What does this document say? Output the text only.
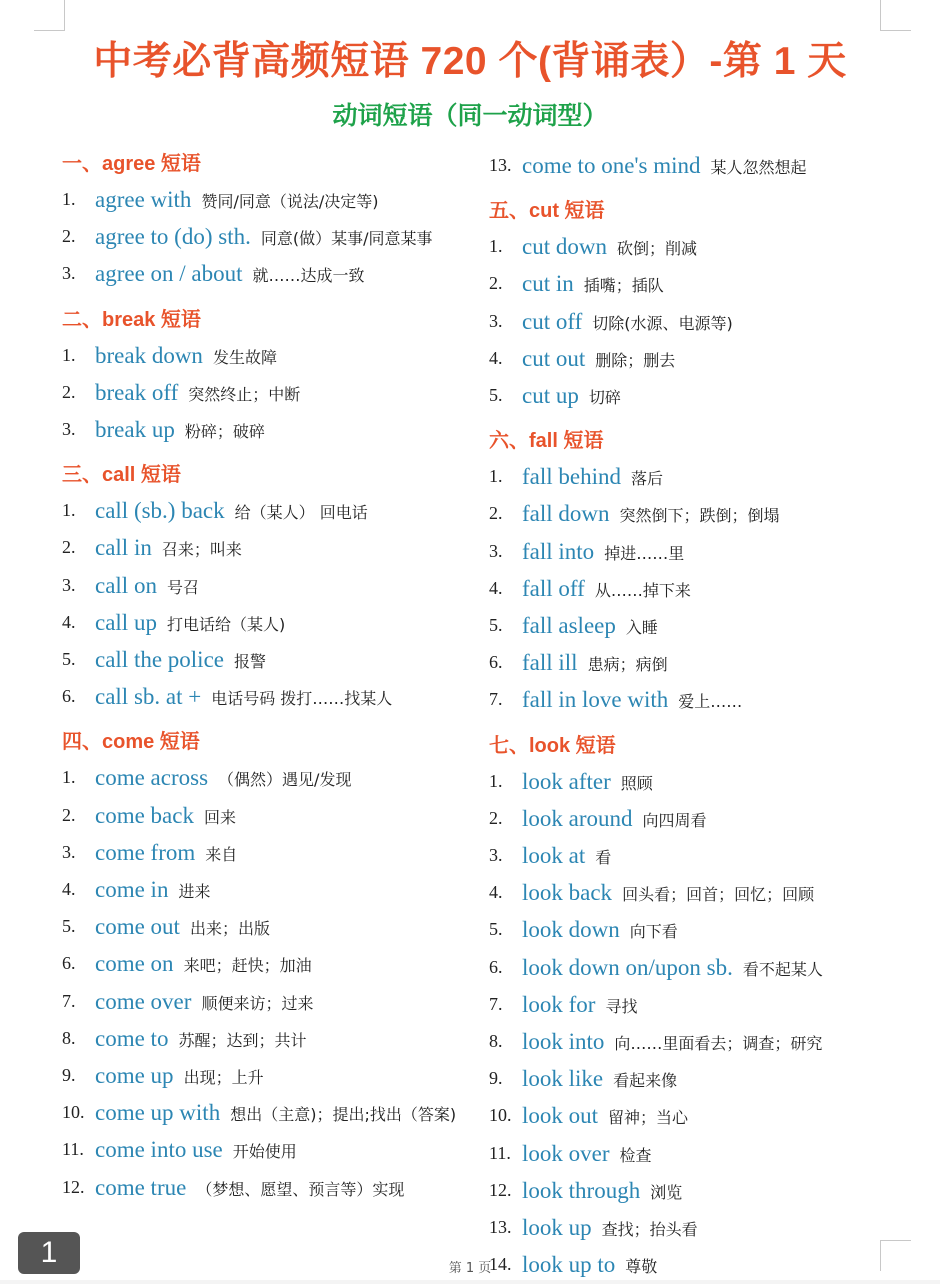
中考必背高频短语 720 个(背诵表）-第 1 天
动词短语（同一动词型）
一、agree 短语
1. agree with 赞同/同意（说法/决定等)
2. agree to (do) sth. 同意(做）某事/同意某事
3. agree on / about 就……达成一致
二、break 短语
1. break down 发生故障
2. break off 突然终止；中断
3. break up 粉碎；破碎
三、call 短语
1. call (sb.) back 给（某人） 回电话
2. call in 召来；叫来
3. call on 号召
4. call up 打电话给（某人)
5. call the police 报警
6. call sb. at + 电话号码 拨打……找某人
四、come 短语
1. come across （偶然）遇见/发现
2. come back 回来
3. come from 来自
4. come in 进来
5. come out 出来；出版
6. come on 来吧；赶快；加油
7. come over 顺便来访；过来
8. come to 苏醒；达到；共计
9. come up 出现；上升
10. come up with 想出（主意)；提出;找出（答案)
11. come into use 开始使用
12. come true （梦想、愿望、预言等）实现
13. come to one's mind 某人忽然想起
五、cut 短语
1. cut down 砍倒；削减
2. cut in 插嘴；插队
3. cut off 切除(水源、电源等)
4. cut out 删除；删去
5. cut up 切碎
六、fall 短语
1. fall behind 落后
2. fall down 突然倒下；跌倒；倒塌
3. fall into 掉进……里
4. fall off 从……掉下来
5. fall asleep 入睡
6. fall ill 患病；病倒
7. fall in love with 爱上……
七、look 短语
1. look after 照顾
2. look around 向四周看
3. look at 看
4. look back 回头看；回首；回忆；回顾
5. look down 向下看
6. look down on/upon sb. 看不起某人
7. look for 寻找
8. look into 向……里面看去；调查；研究
9. look like 看起来像
10. look out 留神；当心
11. look over 检查
12. look through 浏览
13. look up 查找；抬头看
14. look up to 尊敬
第 1 页
1
